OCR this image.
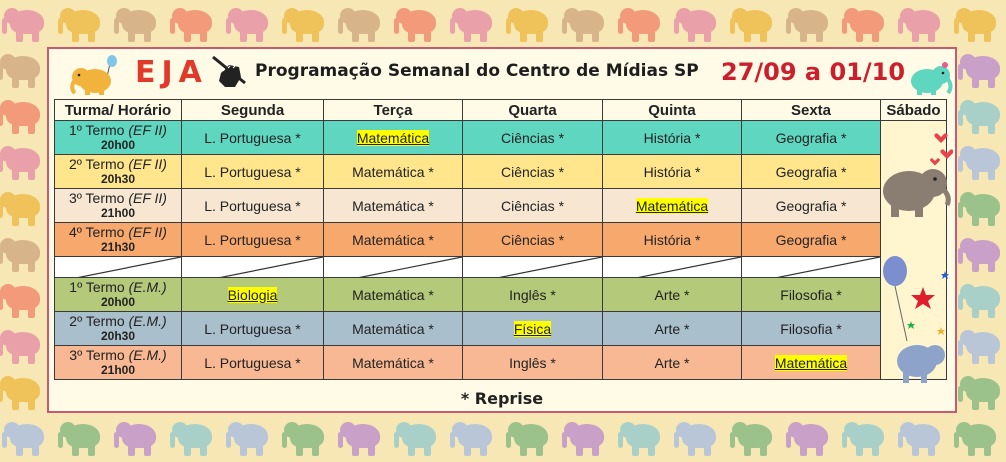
EJA	Programação Semanal do Centro de Mídias SP 27/09 a 01/10
Turma/ Horário	Segunda	Terça	Quarta	Quinta	Sexta	Sábado
1º Termo (EF II)
20h00	L. Portuguesa *	Matemática	Ciências *	História *	Geografia *	
2º Termo (EF II)
20h30	L. Portuguesa *	Matemática *	Ciências *	História *	Geografia *	
3º Termo (EF II)
21h00	L. Portuguesa *	Matemática *	Ciências *	Matemática	Geografia *	
4º Termo (EF II)
21h30	L. Portuguesa *	Matemática *	Ciências *	História *	Geografia *	

1º Termo (E.M.)
20h00	Biologia	Matemática *	Inglês *	Arte *	Filosofia *	
2º Termo (E.M.)
20h30	L. Portuguesa *	Matemática *	Física	Arte *	Filosofia *	
3º Termo (E.M.)
21h00	L. Portuguesa *	Matemática *	Inglês *	Arte *	Matemática	
* Reprise
